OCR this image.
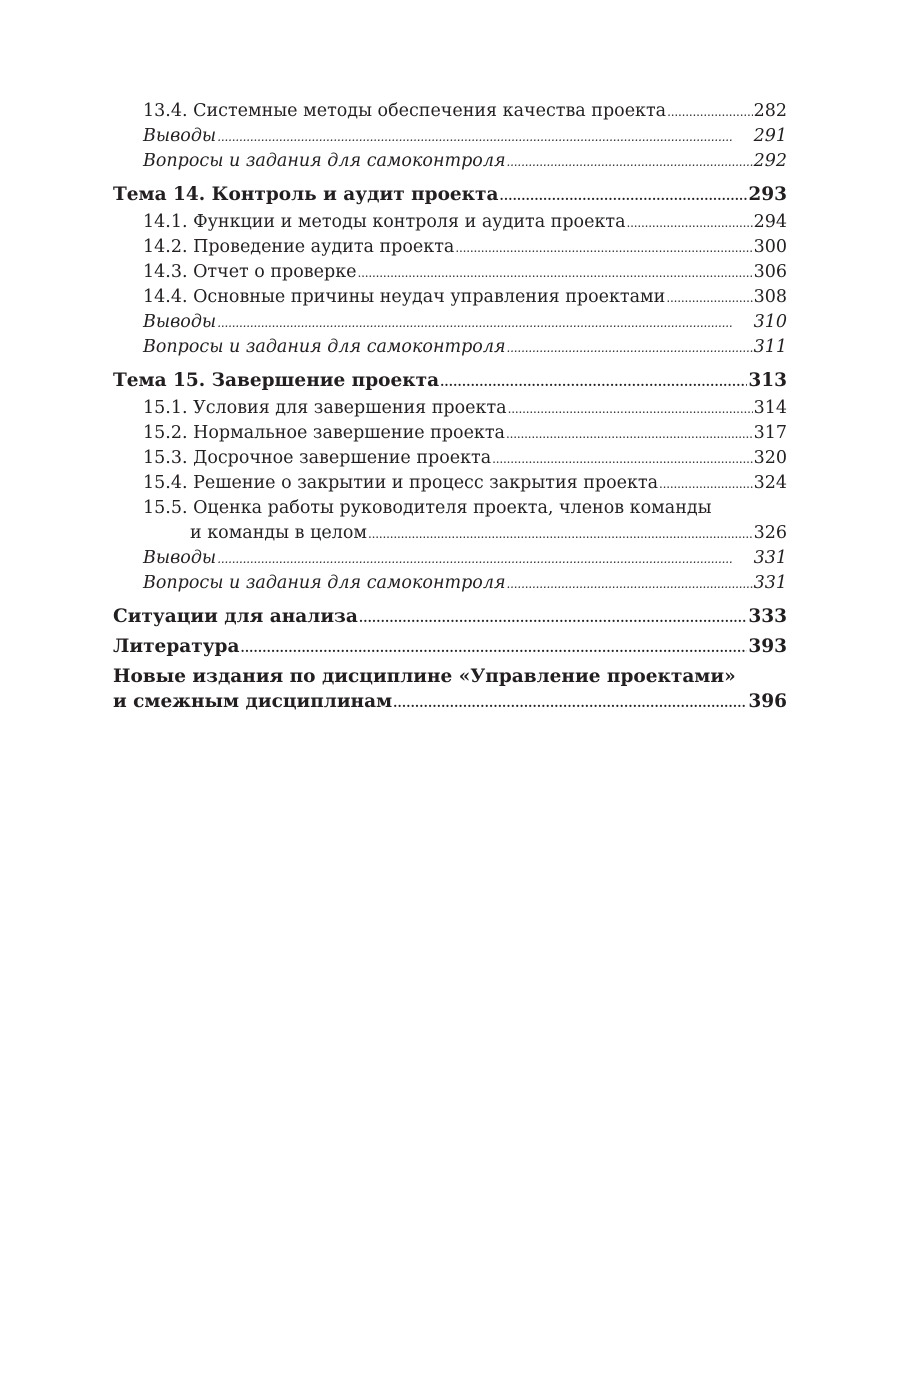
13.4. Системные методы обеспечения качества проекта . . .	282
Выводы . . .	291
Вопросы и задания для самоконтроля . . .	292
Тема 14. Контроль и аудит проекта . . .	293
14.1. Функции и методы контроля и аудита проекта . . .	294
14.2. Проведение аудита проекта . . .	300
14.3. Отчет о проверке . . .	306
14.4. Основные причины неудач управления проектами . . .	308
Выводы . . .	310
Вопросы и задания для самоконтроля . . .	311
Тема 15. Завершение проекта . . .	313
15.1. Условия для завершения проекта . . .	314
15.2. Нормальное завершение проекта . . .	317
15.3. Досрочное завершение проекта . . .	320
15.4. Решение о закрытии и процесс закрытия проекта . . .	324
15.5. Оценка работы руководителя проекта, членов команды
и команды в целом . . .	326
Выводы . . .	331
Вопросы и задания для самоконтроля . . .	331
Ситуации для анализа . . .	333
Литература . . .	393
Новые издания по дисциплине «Управление проектами»
и смежным дисциплинам . . .	396
